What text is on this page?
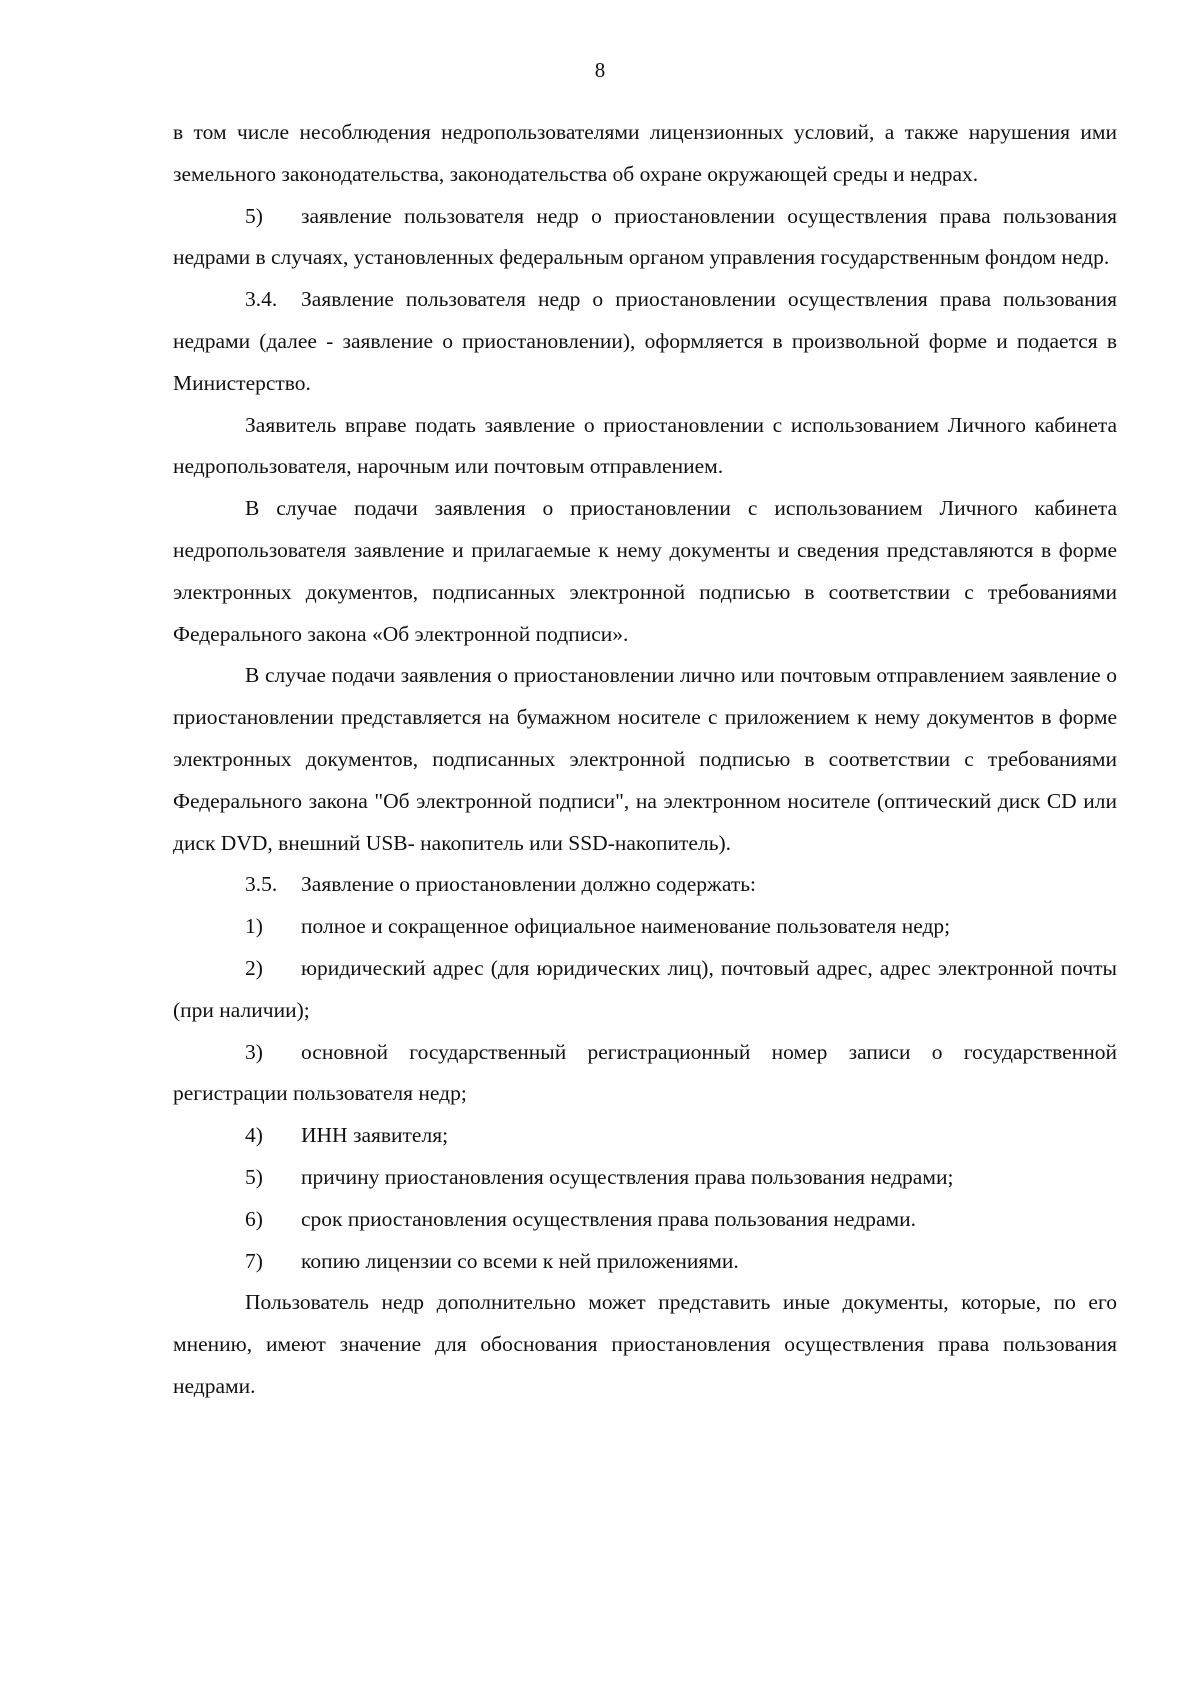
8

в том числе несоблюдения недропользователями лицензионных условий, а также нарушения ими земельного законодательства, законодательства об охране окружающей среды и недрах.

5) заявление пользователя недр о приостановлении осуществления права пользования недрами в случаях, установленных федеральным органом управления государственным фондом недр.

3.4. Заявление пользователя недр о приостановлении осуществления права пользования недрами (далее - заявление о приостановлении), оформляется в произвольной форме и подается в Министерство.

Заявитель вправе подать заявление о приостановлении с использованием Личного кабинета недропользователя, нарочным или почтовым отправлением.

В случае подачи заявления о приостановлении с использованием Личного кабинета недропользователя заявление и прилагаемые к нему документы и сведения представляются в форме электронных документов, подписанных электронной подписью в соответствии с требованиями Федерального закона «Об электронной подписи».

В случае подачи заявления о приостановлении лично или почтовым отправлением заявление о приостановлении представляется на бумажном носителе с приложением к нему документов в форме электронных документов, подписанных электронной подписью в соответствии с требованиями Федерального закона "Об электронной подписи", на электронном носителе (оптический диск CD или диск DVD, внешний USB- накопитель или SSD-накопитель).

3.5. Заявление о приостановлении должно содержать:

1) полное и сокращенное официальное наименование пользователя недр;

2) юридический адрес (для юридических лиц), почтовый адрес, адрес электронной почты (при наличии);

3) основной государственный регистрационный номер записи о государственной регистрации пользователя недр;

4) ИНН заявителя;

5) причину приостановления осуществления права пользования недрами;

6) срок приостановления осуществления права пользования недрами.

7) копию лицензии со всеми к ней приложениями.

Пользователь недр дополнительно может представить иные документы, которые, по его мнению, имеют значение для обоснования приостановления осуществления права пользования недрами.
